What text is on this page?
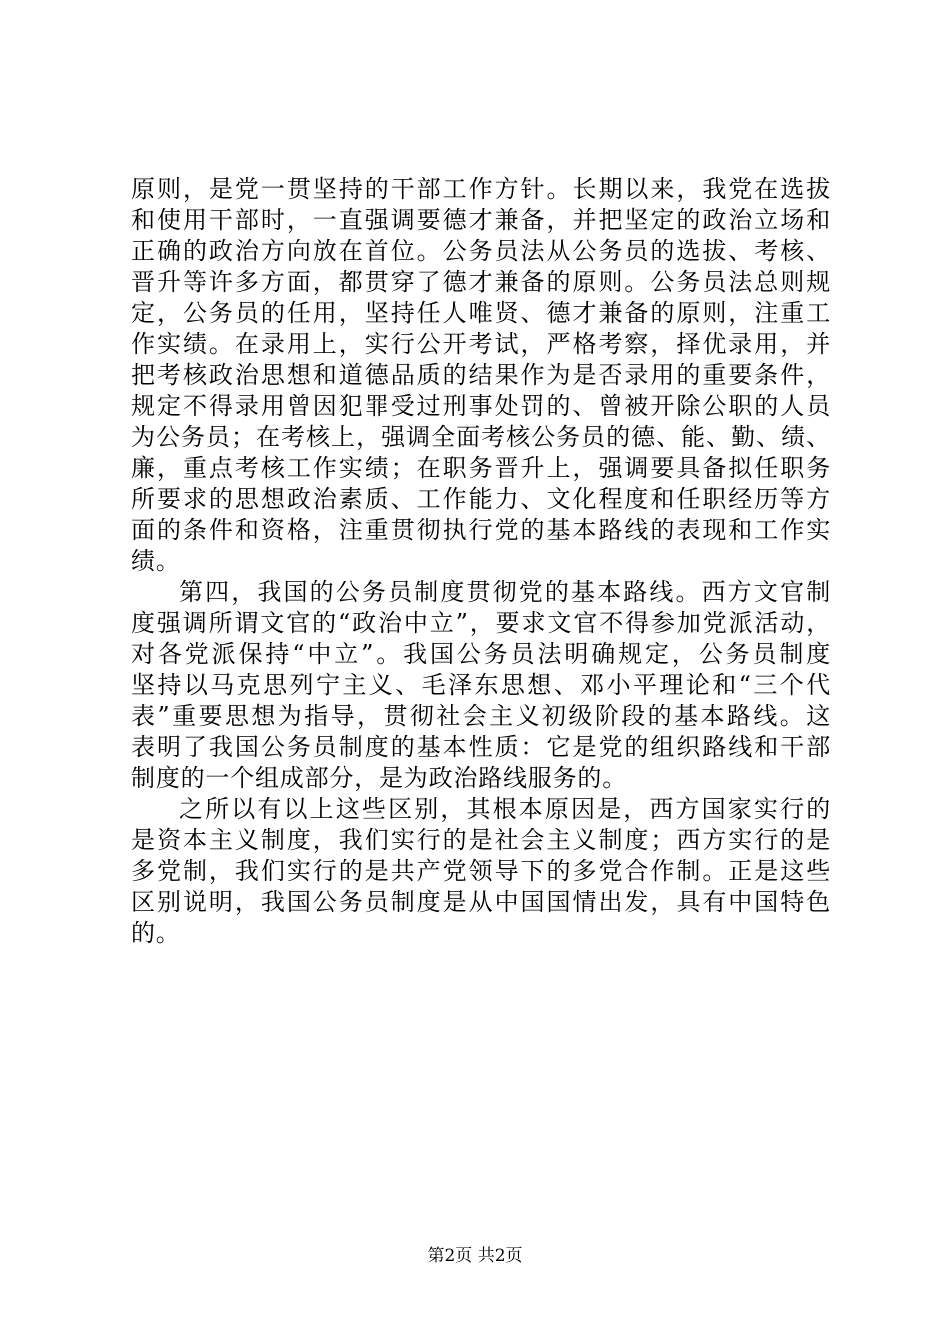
原则，是党一贯坚持的干部工作方针。长期以来，我党在选拔
和使用干部时，一直强调要德才兼备，并把坚定的政治立场和
正确的政治方向放在首位。公务员法从公务员的选拔、考核、
晋升等许多方面，都贯穿了德才兼备的原则。公务员法总则规
定，公务员的任用，坚持任人唯贤、德才兼备的原则，注重工
作实绩。在录用上，实行公开考试，严格考察，择优录用，并
把考核政治思想和道德品质的结果作为是否录用的重要条件，
规定不得录用曾因犯罪受过刑事处罚的、曾被开除公职的人员
为公务员；在考核上，强调全面考核公务员的德、能、勤、绩、
廉，重点考核工作实绩；在职务晋升上，强调要具备拟任职务
所要求的思想政治素质、工作能力、文化程度和任职经历等方
面的条件和资格，注重贯彻执行党的基本路线的表现和工作实
绩。
第四，我国的公务员制度贯彻党的基本路线。西方文官制
度强调所谓文官的“政治中立”，要求文官不得参加党派活动，
对各党派保持“中立”。我国公务员法明确规定，公务员制度
坚持以马克思列宁主义、毛泽东思想、邓小平理论和“三个代
表”重要思想为指导，贯彻社会主义初级阶段的基本路线。这
表明了我国公务员制度的基本性质：它是党的组织路线和干部
制度的一个组成部分，是为政治路线服务的。
之所以有以上这些区别，其根本原因是，西方国家实行的
是资本主义制度，我们实行的是社会主义制度；西方实行的是
多党制，我们实行的是共产党领导下的多党合作制。正是这些
区别说明，我国公务员制度是从中国国情出发，具有中国特色
的。
第2页 共2页
